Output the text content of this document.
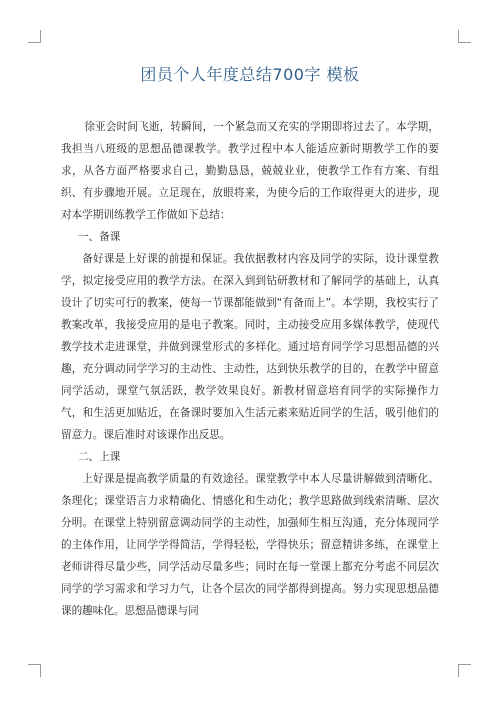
团员个人年度总结700字 模板

徐亚会时间飞逝，转瞬间，一个紧急而又充实的学期即将过去了。本学期，我担当八班级的思想品德课教学。教学过程中本人能适应新时期教学工作的要求，从各方面严格要求自己，勤勤恳恳，兢兢业业，使教学工作有方案、有组织、有步骤地开展。立足现在，放眼将来，为使今后的工作取得更大的进步，现对本学期训练教学工作做如下总结：

一、备课

备好课是上好课的前提和保证。我依据教材内容及同学的实际，设计课堂教学，拟定接受应用的教学方法。在深入到到钻研教材和了解同学的基础上，认真设计了切实可行的教案，使每一节课都能做到“有备而上”。本学期，我校实行了教案改革，我接受应用的是电子教案。同时，主动接受应用多媒体教学，使现代教学技术走进课堂，并做到课堂形式的多样化。通过培育同学学习思想品德的兴趣，充分调动同学学习的主动性、主动性，达到快乐教学的目的，在教学中留意同学活动，课堂气氛活跃，教学效果良好。新教材留意培育同学的实际操作力气，和生活更加贴近，在备课时要加入生活元素来贴近同学的生活，吸引他们的留意力。课后准时对该课作出反思。

二、上课

上好课是提高教学质量的有效途径。课堂教学中本人尽量讲解做到清晰化、条理化；课堂语言力求精确化、情感化和生动化；教学思路做到线索清晰、层次分明。在课堂上特别留意调动同学的主动性，加强师生相互沟通，充分体现同学的主体作用，让同学学得简洁，学得轻松，学得快乐；留意精讲多练，在课堂上老师讲得尽量少些，同学活动尽量多些；同时在每一堂课上都充分考虑不同层次同学的学习需求和学习力气，让各个层次的同学都得到提高。努力实现思想品德课的趣味化。思想品德课与同
